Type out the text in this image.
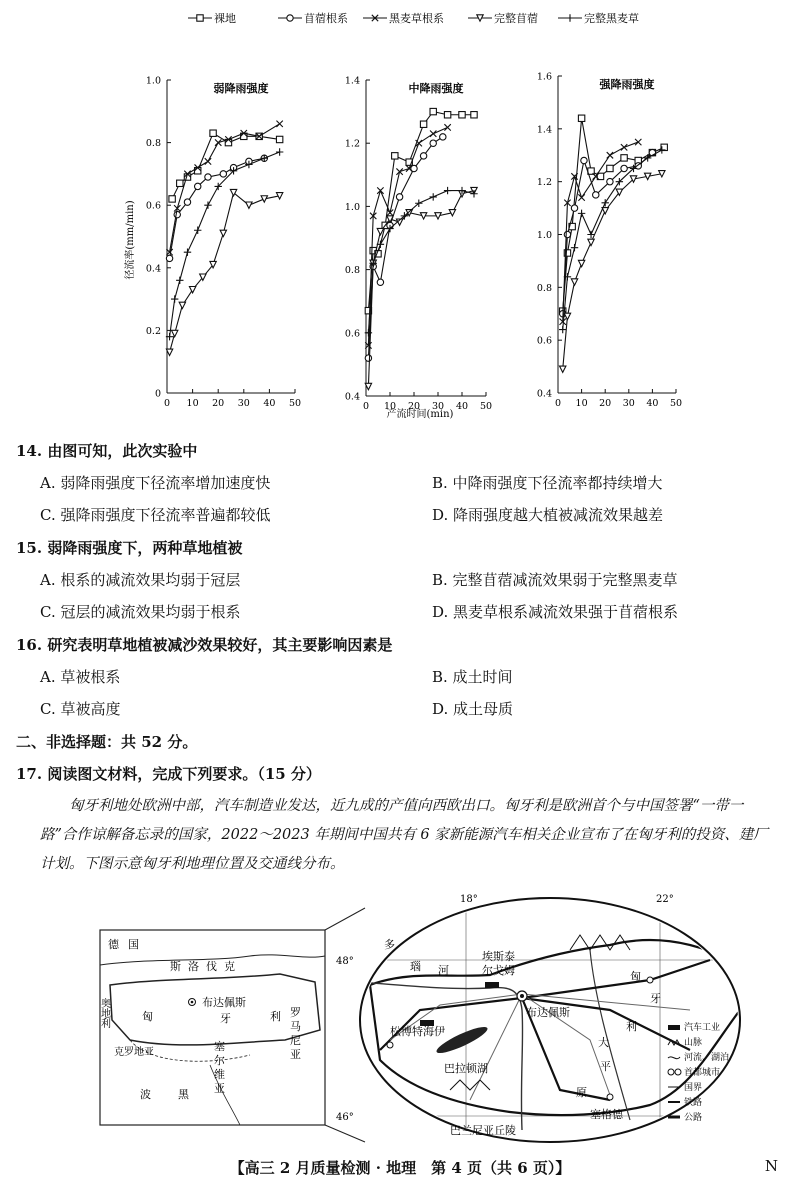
裸地	苜蓿根系	黑麦草根系	完整苜蓿	完整黑麦草
0
0.2
0.4
0.6
0.8
1.0
0 10 20 30 40 50
弱降雨强度
0.4
0.6
0.8
1.0
1.2
1.4
0 10 20 30 40 50
中降雨强度
0.4
0.6
0.8
1.0
1.2
1.4
1.6
0 10 20 30 40 50
强降雨强度
径流率(mm/min)
产流时间(min)
14. 由图可知，此次实验中
A. 弱降雨强度下径流率增加速度快	B. 中降雨强度下径流率都持续增大
C. 强降雨强度下径流率普遍都较低	D. 降雨强度越大植被减流效果越差
15. 弱降雨强度下，两种草地植被
A. 根系的减流效果均弱于冠层	B. 完整苜蓿减流效果弱于完整黑麦草
C. 冠层的减流效果均弱于根系	D. 黑麦草根系减流效果强于苜蓿根系
16. 研究表明草地植被减沙效果较好，其主要影响因素是
A. 草被根系	B. 成土时间
C. 草被高度	D. 成土母质
二、非选择题：共 52 分。
17. 阅读图文材料，完成下列要求。（15 分）
匈牙利地处欧洲中部，汽车制造业发达，近九成的产值向西欧出口。匈牙利是欧洲首个与中国签署“一带一路”合作谅解备忘录的国家，2022～2023 年期间中国共有 6 家新能源汽车相关企业宣布了在匈牙利的投资、建厂计划。下图示意匈牙利地理位置及交通线分布。
德 国
斯 洛 伐 克
奥地利	布达佩斯
匈	牙	利 罗
马
尼
亚
克罗地亚	塞
尔
维
亚
波 黑
18°	22°
48°
46°
多
瑙 河
埃斯泰
尔戈姆
布达佩斯
匈
牙
利
松博特海伊
巴拉顿湖
大
平
原
塞格德
巴兰尼亚丘陵
汽车工业
山脉
河流、湖泊
首都城市
国界
铁路
公路
【高三 2 月质量检测 · 地理　第 4 页（共 6 页）】	N
